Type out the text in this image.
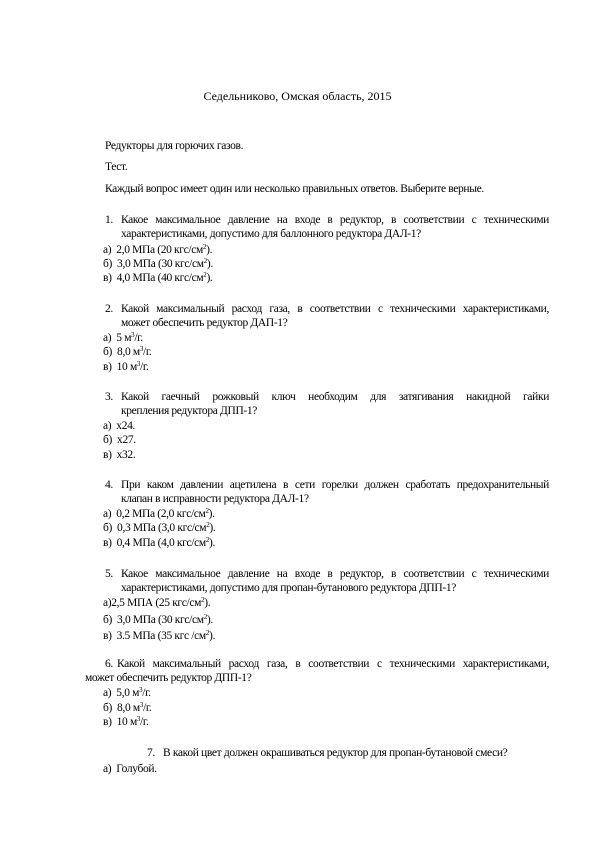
Седельниково, Омская область, 2015
Редукторы для горючих газов.
Тест.
Каждый вопрос имеет один или несколько правильных ответов. Выберите верные.
1. Какое максимальное давление на входе в редуктор, в соответствии с техническими
характеристиками, допустимо для баллонного редуктора ДАЛ-1?
а) 2,0 МПа (20 кгс/$см^2$).
б) 3,0 МПа (30 кгс/$см^2$).
в) 4,0 МПа (40 кгс/$см^2$).
2. Какой максимальный расход газа, в соответствии с техническими характеристиками,
может обеспечить редуктор ДАП-1?
а) 5 $м^3/г$.
б) 8,0 $м^3/г$.
в) 10 $м^3/г$.
3. Какой гаечный рожковый ключ необходим для затягивания накидной гайки
крепления редуктора ДПП-1?
а) x24.
б) x27.
в) x32.
4. При каком давлении ацетилена в сети горелки должен сработать предохранительный
клапан в исправности редуктора ДАЛ-1?
а) 0,2 МПа (2,0 кгс/$см^2$).
б) 0,3 МПа (3,0 кгс/$см^2$).
в) 0,4 МПа (4,0 кгс/$см^2$).
5. Какое максимальное давление на входе в редуктор, в соответствии с техническими
характеристиками, допустимо для пропан-бутанового редуктора ДПП-1?
а)2,5 МПА (25 кгс/$см^2$).
б) 3,0 МПа (30 кгс/$см^2$).
в) 3.5 МПа (35 кгс $/см^2$).
6. Какой максимальный расход газа, в соответствии с техническими характеристиками,
может обеспечить редуктор ДПП-1?
а) 5,0 $м^3/г$.
б) 8,0 $м^3/г$.
в) 10 $м^3/г$.
7. В какой цвет должен окрашиваться редуктор для пропан-бутановой смеси?
а) Голубой.
